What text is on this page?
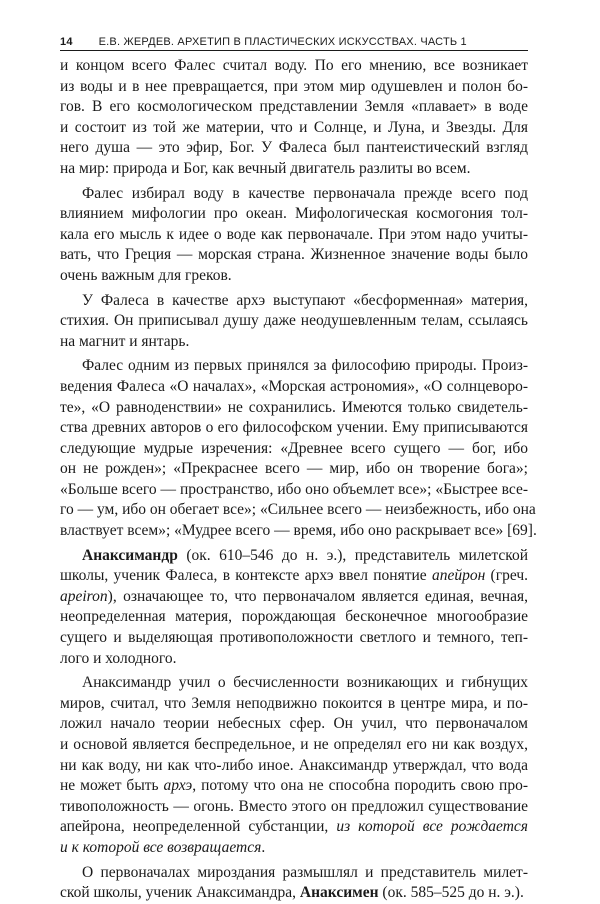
14 Е.В. ЖЕРДЕВ. АРХЕТИП В ПЛАСТИЧЕСКИХ ИСКУССТВАХ. ЧАСТЬ 1
и концом всего Фалес считал воду. По его мнению, все возникает
из воды и в нее превращается, при этом мир одушевлен и полон бо-
гов. В его космологическом представлении Земля «плавает» в воде
и состоит из той же материи, что и Солнце, и Луна, и Звезды. Для
него душа — это эфир, Бог. У Фалеса был пантеистический взгляд
на мир: природа и Бог, как вечный двигатель разлиты во всем.
Фалес избирал воду в качестве первоначала прежде всего под
влиянием мифологии про океан. Мифологическая космогония тол-
кала его мысль к идее о воде как первоначале. При этом надо учиты-
вать, что Греция — морская страна. Жизненное значение воды было
очень важным для греков.
У Фалеса в качестве архэ выступают «бесформенная» материя,
стихия. Он приписывал душу даже неодушевленным телам, ссылаясь
на магнит и янтарь.
Фалес одним из первых принялся за философию природы. Произ-
ведения Фалеса «О началах», «Морская астрономия», «О солнцеворо-
те», «О равноденствии» не сохранились. Имеются только свидетель-
ства древних авторов о его философском учении. Ему приписываются
следующие мудрые изречения: «Древнее всего сущего — бог, ибо
он не рожден»; «Прекраснее всего — мир, ибо он творение бога»;
«Больше всего — пространство, ибо оно объемлет все»; «Быстрее все-
го — ум, ибо он обегает все»; «Сильнее всего — неизбежность, ибо она
властвует всем»; «Мудрее всего — время, ибо оно раскрывает все» [69].
Анаксимандр (ок. 610–546 до н. э.), представитель милетской
школы, ученик Фалеса, в контексте архэ ввел понятие апейрон (греч.
apeiron), означающее то, что первоначалом является единая, вечная,
неопределенная материя, порождающая бесконечное многообразие
сущего и выделяющая противоположности светлого и темного, теп-
лого и холодного.
Анаксимандр учил о бесчисленности возникающих и гибнущих
миров, считал, что Земля неподвижно покоится в центре мира, и по-
ложил начало теории небесных сфер. Он учил, что первоначалом
и основой является беспредельное, и не определял его ни как воздух,
ни как воду, ни как что-либо иное. Анаксимандр утверждал, что вода
не может быть архэ, потому что она не способна породить свою про-
тивоположность — огонь. Вместо этого он предложил существование
апейрона, неопределенной субстанции, из которой все рождается
и к которой все возвращается.
О первоначалах мироздания размышлял и представитель милет-
ской школы, ученик Анаксимандра, Анаксимен (ок. 585–525 до н. э.).
